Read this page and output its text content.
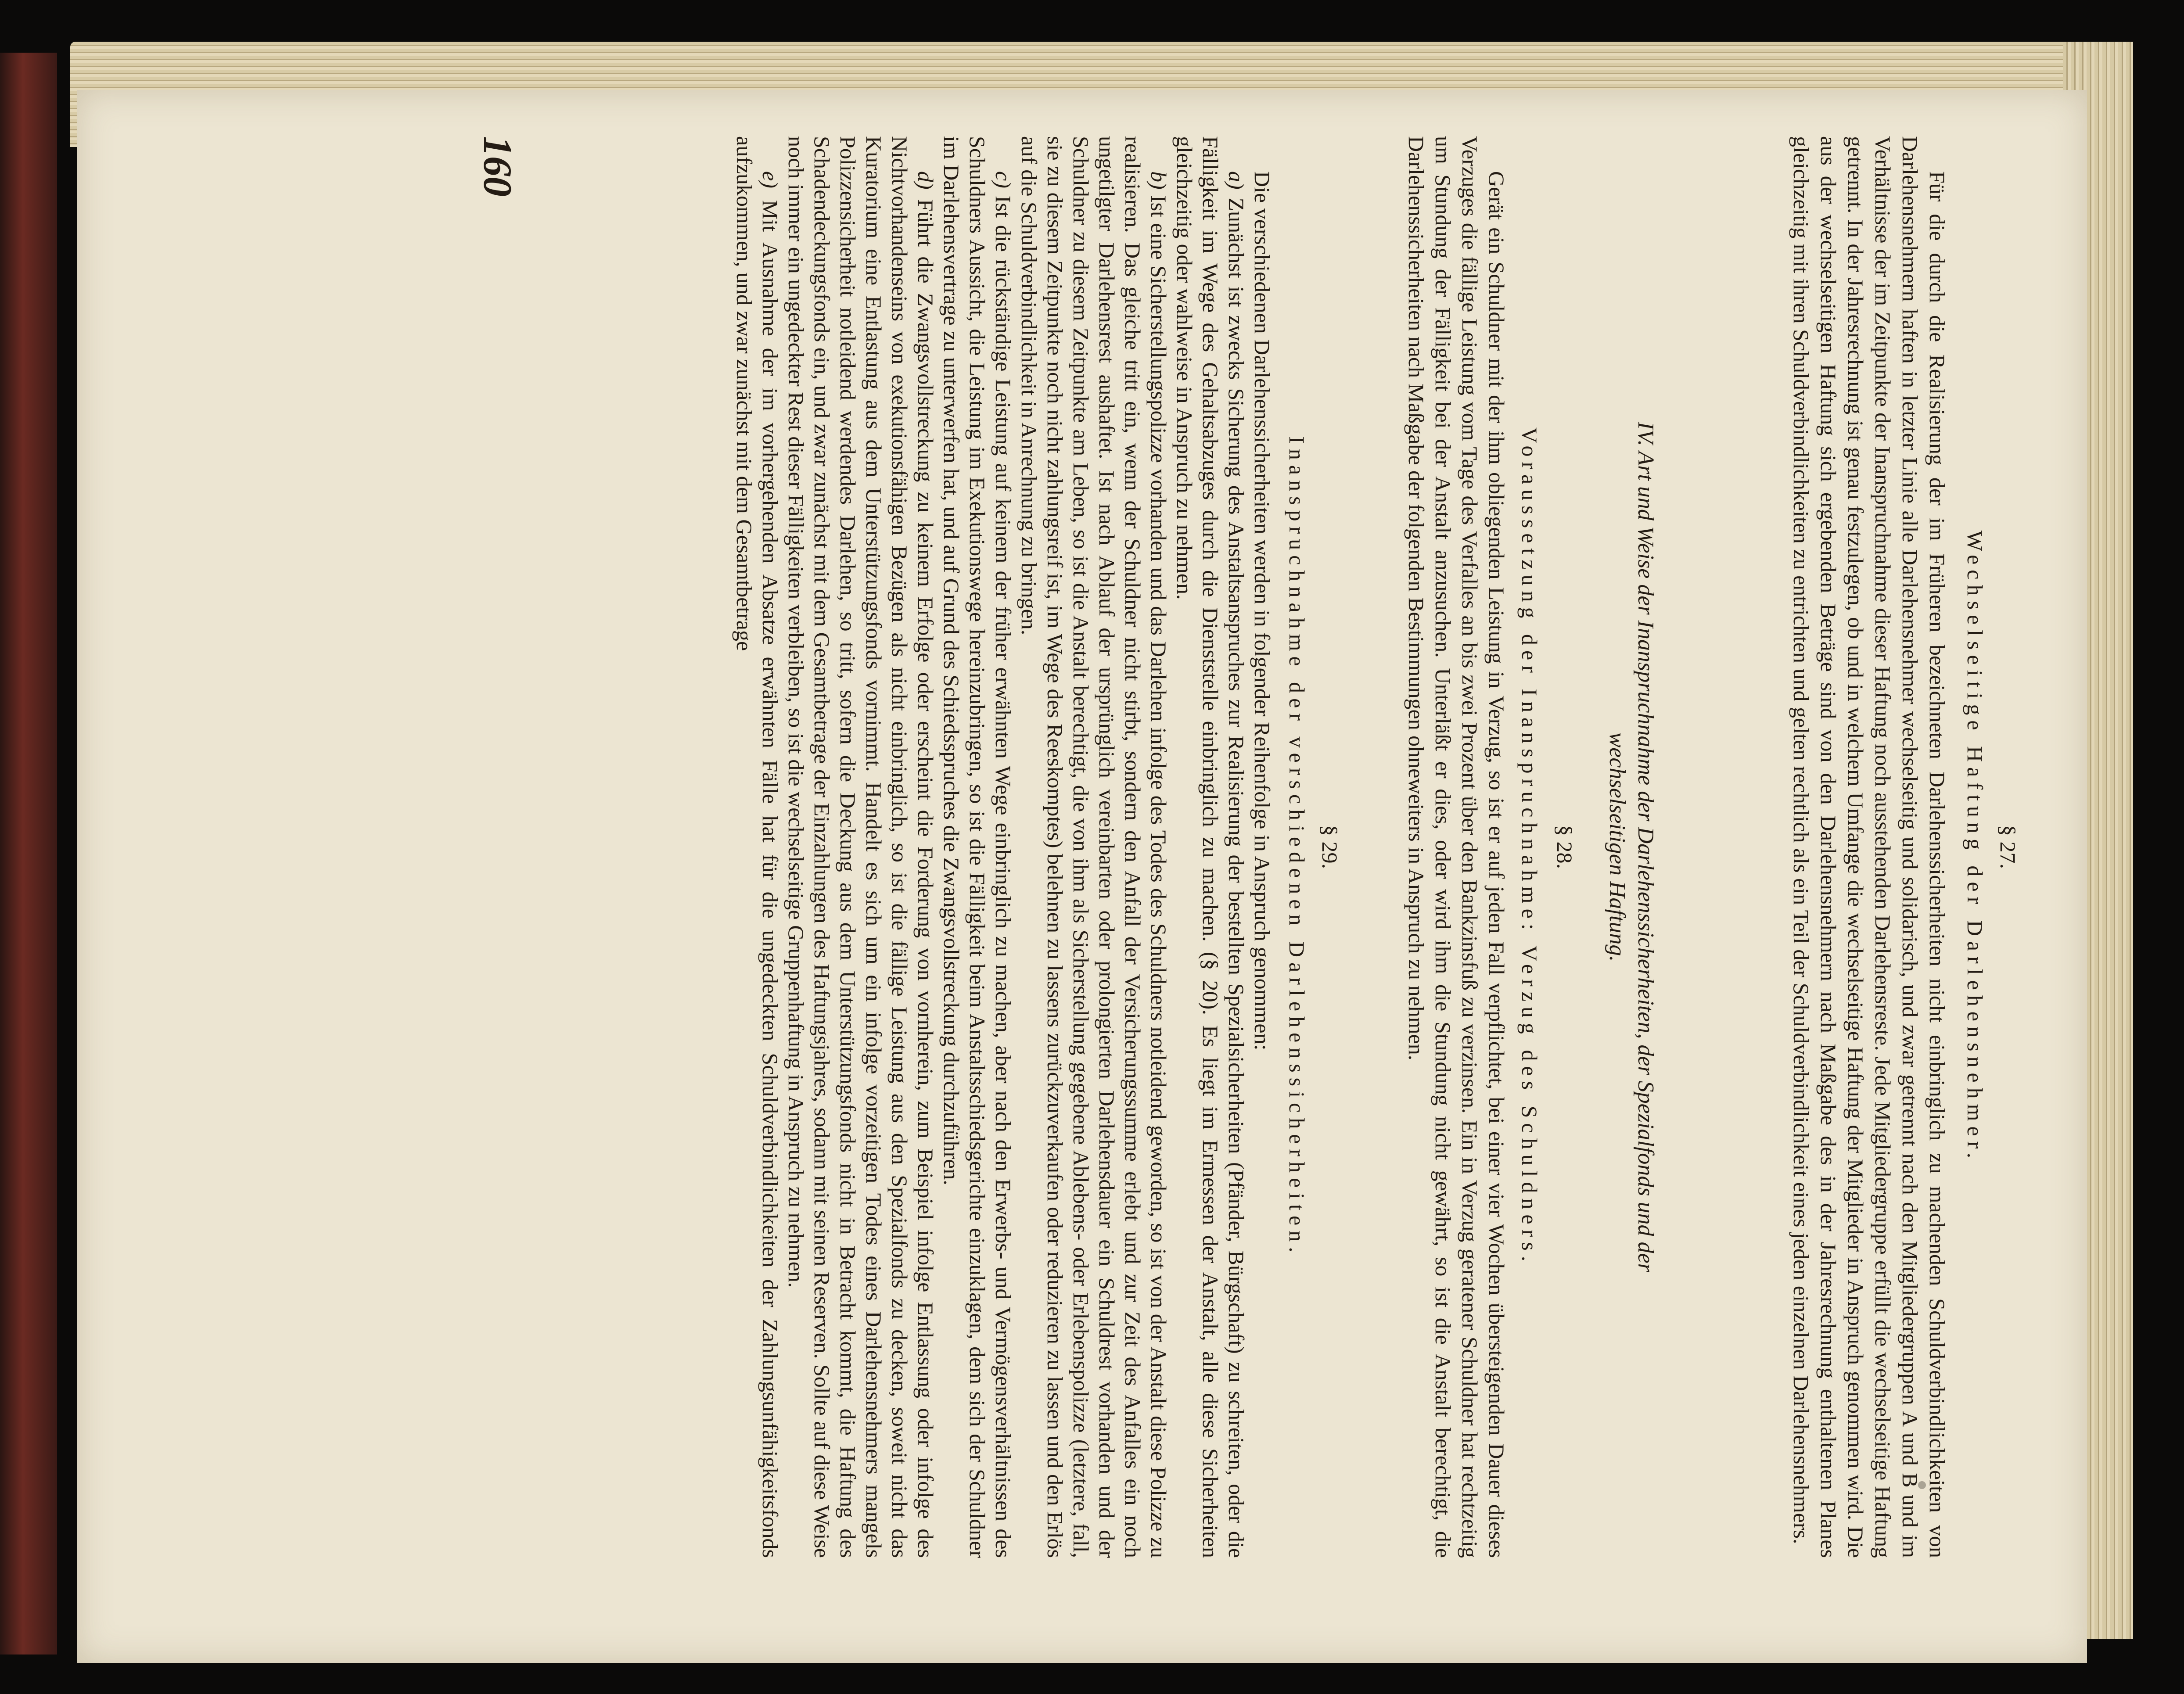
§ 27.
Wechselseitige Haftung der Darlehensnehmer.

Für die durch die Realisierung der im Früheren bezeichneten Darlehenssicherheiten nicht einbringlich zu machenden Schuldverbindlichkeiten von Darlehensnehmern haften in letzter Linie alle Darlehensnehmer wechselseitig und solidarisch, und zwar getrennt nach den Mitgliedergruppen A und B und im Verhältnisse der im Zeitpunkte der Inanspruchnahme dieser Haftung noch ausstehenden Darlehensreste. Jede Mitgliedergruppe erfüllt die wechselseitige Haftung getrennt. In der Jahresrechnung ist genau festzulegen, ob und in welchem Umfange die wechselseitige Haftung der Mitglieder in Anspruch genommen wird. Die aus der wechselseitigen Haftung sich ergebenden Beträge sind von den Darlehensnehmern nach Maßgabe des in der Jahresrechnung enthaltenen Planes gleichzeitig mit ihren Schuldverbindlichkeiten zu entrichten und gelten rechtlich als ein Teil der Schuldverbindlichkeit eines jeden einzelnen Darlehensnehmers.

IV. Art und Weise der Inanspruchnahme der Darlehenssicherheiten, der Spezialfonds und der
wechselseitigen Haftung.
§ 28.
Voraussetzung der Inanspruchnahme: Verzug des Schuldners.

Gerät ein Schuldner mit der ihm obliegenden Leistung in Verzug, so ist er auf jeden Fall verpflichtet, bei einer vier Wochen übersteigenden Dauer dieses Verzuges die fällige Leistung vom Tage des Verfalles an bis zwei Prozent über den Bankzinsfuß zu verzinsen. Ein in Verzug geratener Schuldner hat rechtzeitig um Stundung der Fälligkeit bei der Anstalt anzusuchen. Unterläßt er dies, oder wird ihm die Stundung nicht gewährt, so ist die Anstalt berechtigt, die Darlehenssicherheiten nach Maßgabe der folgenden Bestimmungen ohneweiters in Anspruch zu nehmen.

§ 29.
Inanspruchnahme der verschiedenen Darlehenssicherheiten.

Die verschiedenen Darlehenssicherheiten werden in folgender Reihenfolge in Anspruch genommen:

a) Zunächst ist zwecks Sicherung des Anstaltsanspruches zur Realisierung der bestellten Spezialsicherheiten (Pfänder, Bürgschaft) zu schreiten, oder die Fälligkeit im Wege des Gehaltsabzuges durch die Dienststelle einbringlich zu machen. (§ 20). Es liegt im Ermessen der Anstalt, alle diese Sicherheiten gleichzeitig oder wahlweise in Anspruch zu nehmen.

b) Ist eine Sicherstellungspolizze vorhanden und das Darlehen infolge des Todes des Schuldners notleidend geworden, so ist von der Anstalt diese Polizze zu realisieren. Das gleiche tritt ein, wenn der Schuldner nicht stirbt, sondern den Anfall der Versicherungssumme erlebt und zur Zeit des Anfalles ein noch ungetilgter Darlehensrest aushaftet. Ist nach Ablauf der ursprünglich vereinbarten oder prolongierten Darlehensdauer ein Schuldrest vorhanden und der Schuldner zu diesem Zeitpunkte am Leben, so ist die Anstalt berechtigt, die von ihm als Sicherstellung gegebene Ablebens- oder Erlebenspolizze (letztere, fall, sie zu diesem Zeitpunkte noch nicht zahlungsreif ist, im Wege des Reeskomptes) belehnen zu lassens zurückzuverkaufen oder reduzieren zu lassen und den Erlös auf die Schuldverbindlichkeit in Anrechnung zu bringen.

c) Ist die rückständige Leistung auf keinem der früher erwähnten Wege einbringlich zu machen, aber nach den Erwerbs- und Vermögensverhältnissen des Schuldners Aussicht, die Leistung im Exekutionswege hereinzubringen, so ist die Fälligkeit beim Anstaltsschiedsgerichte einzuklagen, dem sich der Schuldner im Darlehensvertrage zu unterwerfen hat, und auf Grund des Schiedsspruches die Zwangsvollstreckung durchzuführen.

d) Führt die Zwangsvollstreckung zu keinem Erfolge oder erscheint die Forderung von vornherein, zum Beispiel infolge Entlassung oder infolge des Nichtvorhandenseins von exekutionsfähigen Bezügen als nicht einbringlich, so ist die fällige Leistung aus den Spezialfonds zu decken, soweit nicht das Kuratorium eine Entlastung aus dem Unterstützungsfonds vornimmt. Handelt es sich um ein infolge vorzeitigen Todes eines Darlehensnehmers mangels Polizzensicherheit notleidend werdendes Darlehen, so tritt, sofern die Deckung aus dem Unterstützungsfonds nicht in Betracht kommt, die Haftung des Schadendeckungsfonds ein, und zwar zunächst mit dem Gesamtbetrage der Einzahlungen des Haftungsjahres, sodann mit seinen Reserven. Sollte auf diese Weise noch immer ein ungedeckter Rest dieser Fälligkeiten verbleiben, so ist die wechselseitige Gruppenhaftung in Anspruch zu nehmen.

e) Mit Ausnahme der im vorhergehenden Absatze erwähnten Fälle hat für die ungedeckten Schuldverbindlichkeiten der Zahlungsunfähigkeitsfonds aufzukommen, und zwar zunächst mit dem Gesamtbetrage

160
